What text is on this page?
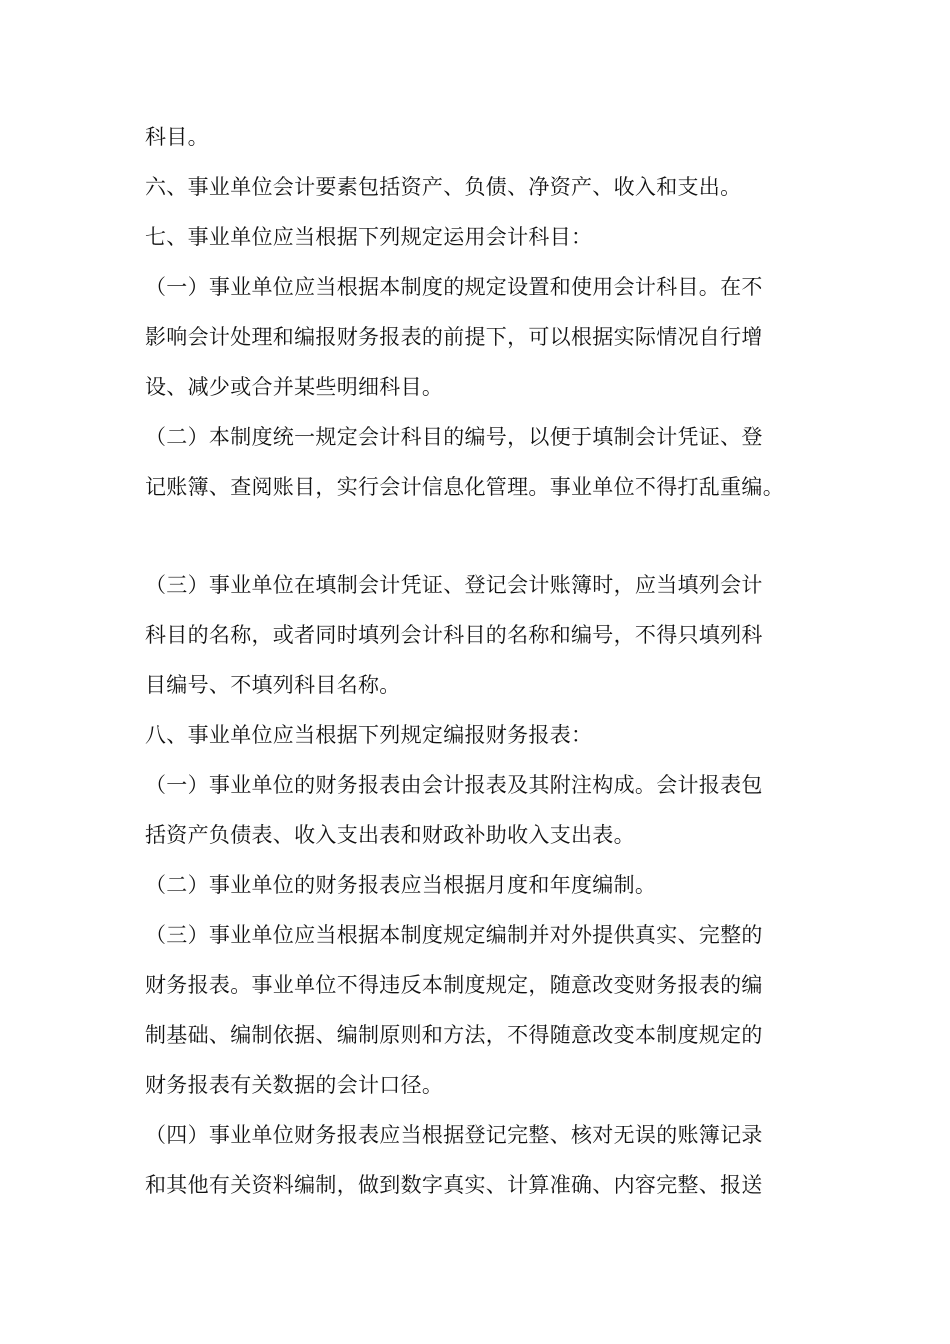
科目。
六、事业单位会计要素包括资产、负债、净资产、收入和支出。
七、事业单位应当根据下列规定运用会计科目：
（一）事业单位应当根据本制度的规定设置和使用会计科目。在不
影响会计处理和编报财务报表的前提下，可以根据实际情况自行增
设、减少或合并某些明细科目。
（二）本制度统一规定会计科目的编号，以便于填制会计凭证、登
记账簿、查阅账目，实行会计信息化管理。事业单位不得打乱重编。
（三）事业单位在填制会计凭证、登记会计账簿时，应当填列会计
科目的名称，或者同时填列会计科目的名称和编号，不得只填列科
目编号、不填列科目名称。
八、事业单位应当根据下列规定编报财务报表：
（一）事业单位的财务报表由会计报表及其附注构成。会计报表包
括资产负债表、收入支出表和财政补助收入支出表。
（二）事业单位的财务报表应当根据月度和年度编制。
（三）事业单位应当根据本制度规定编制并对外提供真实、完整的
财务报表。事业单位不得违反本制度规定，随意改变财务报表的编
制基础、编制依据、编制原则和方法，不得随意改变本制度规定的
财务报表有关数据的会计口径。
（四）事业单位财务报表应当根据登记完整、核对无误的账簿记录
和其他有关资料编制，做到数字真实、计算准确、内容完整、报送
